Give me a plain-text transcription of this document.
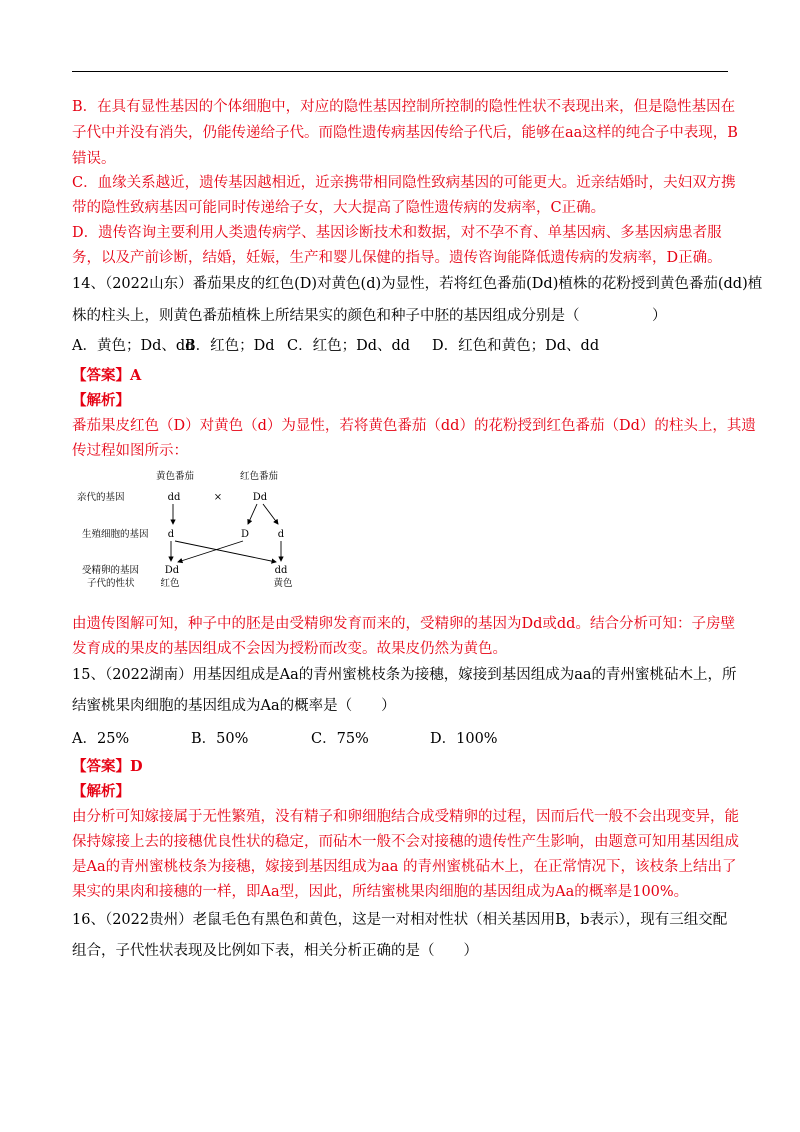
B．在具有显性基因的个体细胞中，对应的隐性基因控制所控制的隐性性状不表现出来，但是隐性基因在
子代中并没有消失，仍能传递给子代。而隐性遗传病基因传给子代后，能够在aa这样的纯合子中表现，B
错误。
C．血缘关系越近，遗传基因越相近，近亲携带相同隐性致病基因的可能更大。近亲结婚时，夫妇双方携
带的隐性致病基因可能同时传递给子女，大大提高了隐性遗传病的发病率，C正确。
D．遗传咨询主要利用人类遗传病学、基因诊断技术和数据，对不孕不育、单基因病、多基因病患者服
务，以及产前诊断，结婚，妊娠，生产和婴儿保健的指导。遗传咨询能降低遗传病的发病率，D正确。
14、（2022山东）番茄果皮的红色(D)对黄色(d)为显性，若将红色番茄(Dd)植株的花粉授到黄色番茄(dd)植
株的柱头上，则黄色番茄植株上所结果实的颜色和种子中胚的基因组成分别是（　　　　　）
A．黄色；Dd、ddB．红色；Dd C．红色；Dd、dd D．红色和黄色；Dd、dd
【答案】A
【解析】
番茄果皮红色（D）对黄色（d）为显性，若将黄色番茄（dd）的花粉授到红色番茄（Dd）的柱头上，其遗
传过程如图所示：
黄色番茄	红色番茄
亲代的基因
生殖细胞的基因
受精卵的基因
子代的性状
dd	×	Dd
d	D	d
Dd	dd
红色	黄色
由遗传图解可知，种子中的胚是由受精卵发育而来的，受精卵的基因为Dd或dd。结合分析可知：子房壁
发育成的果皮的基因组成不会因为授粉而改变。故果皮仍然为黄色。
15、（2022湖南）用基因组成是Aa的青州蜜桃枝条为接穗，嫁接到基因组成为aa的青州蜜桃砧木上，所
结蜜桃果肉细胞的基因组成为Aa的概率是（　　）
A．25%	B．50%	C．75%	D．100%
【答案】D
【解析】
由分析可知嫁接属于无性繁殖，没有精子和卵细胞结合成受精卵的过程，因而后代一般不会出现变异，能
保持嫁接上去的接穗优良性状的稳定，而砧木一般不会对接穗的遗传性产生影响，由题意可知用基因组成
是Aa的青州蜜桃枝条为接穗，嫁接到基因组成为aa 的青州蜜桃砧木上，在正常情况下，该枝条上结出了
果实的果肉和接穗的一样，即Aa型，因此，所结蜜桃果肉细胞的基因组成为Aa的概率是100%。
16、（2022贵州）老鼠毛色有黑色和黄色，这是一对相对性状（相关基因用B，b表示），现有三组交配
组合，子代性状表现及比例如下表，相关分析正确的是（　　）
